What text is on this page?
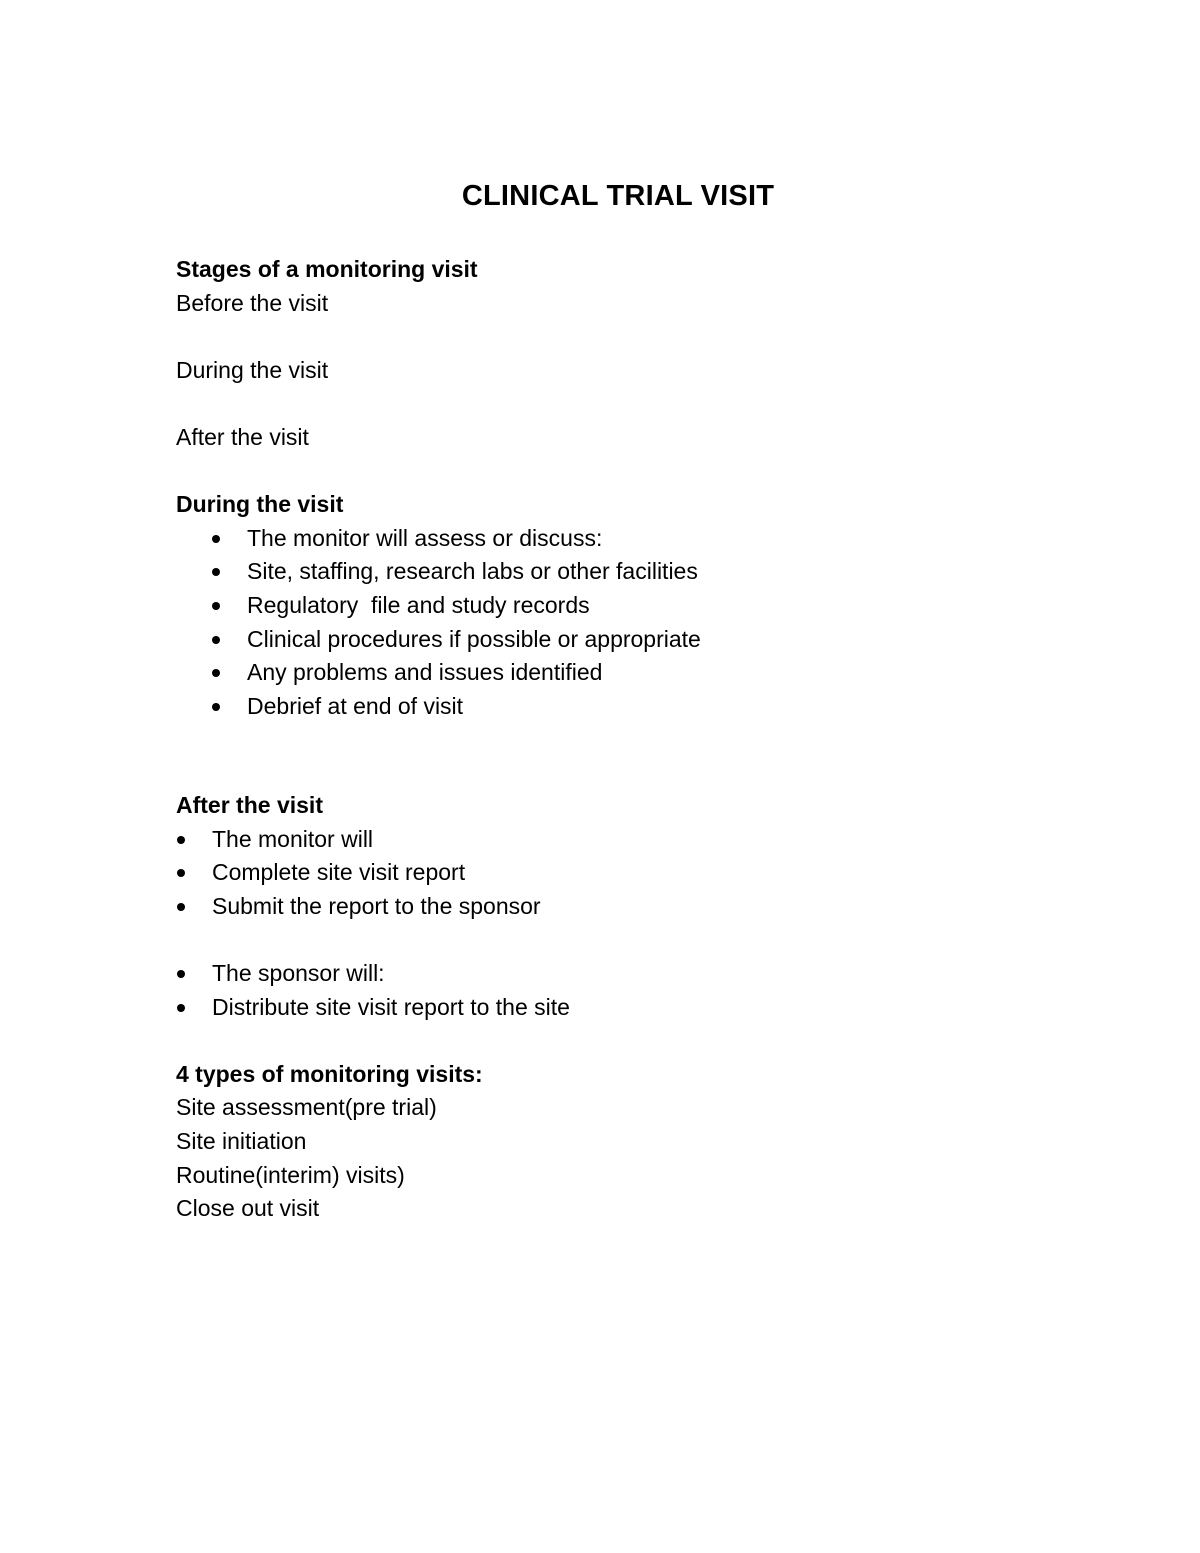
CLINICAL TRIAL VISIT

Stages of a monitoring visit

Before the visit

During the visit

After the visit

During the visit

The monitor will assess or discuss:
Site, staffing, research labs or other facilities
Regulatory  file and study records
Clinical procedures if possible or appropriate
Any problems and issues identified
Debrief at end of visit

After the visit

The monitor will
Complete site visit report
Submit the report to the sponsor
The sponsor will:
Distribute site visit report to the site

4 types of monitoring visits:

Site assessment(pre trial)

Site initiation

Routine(interim) visits)

Close out visit
